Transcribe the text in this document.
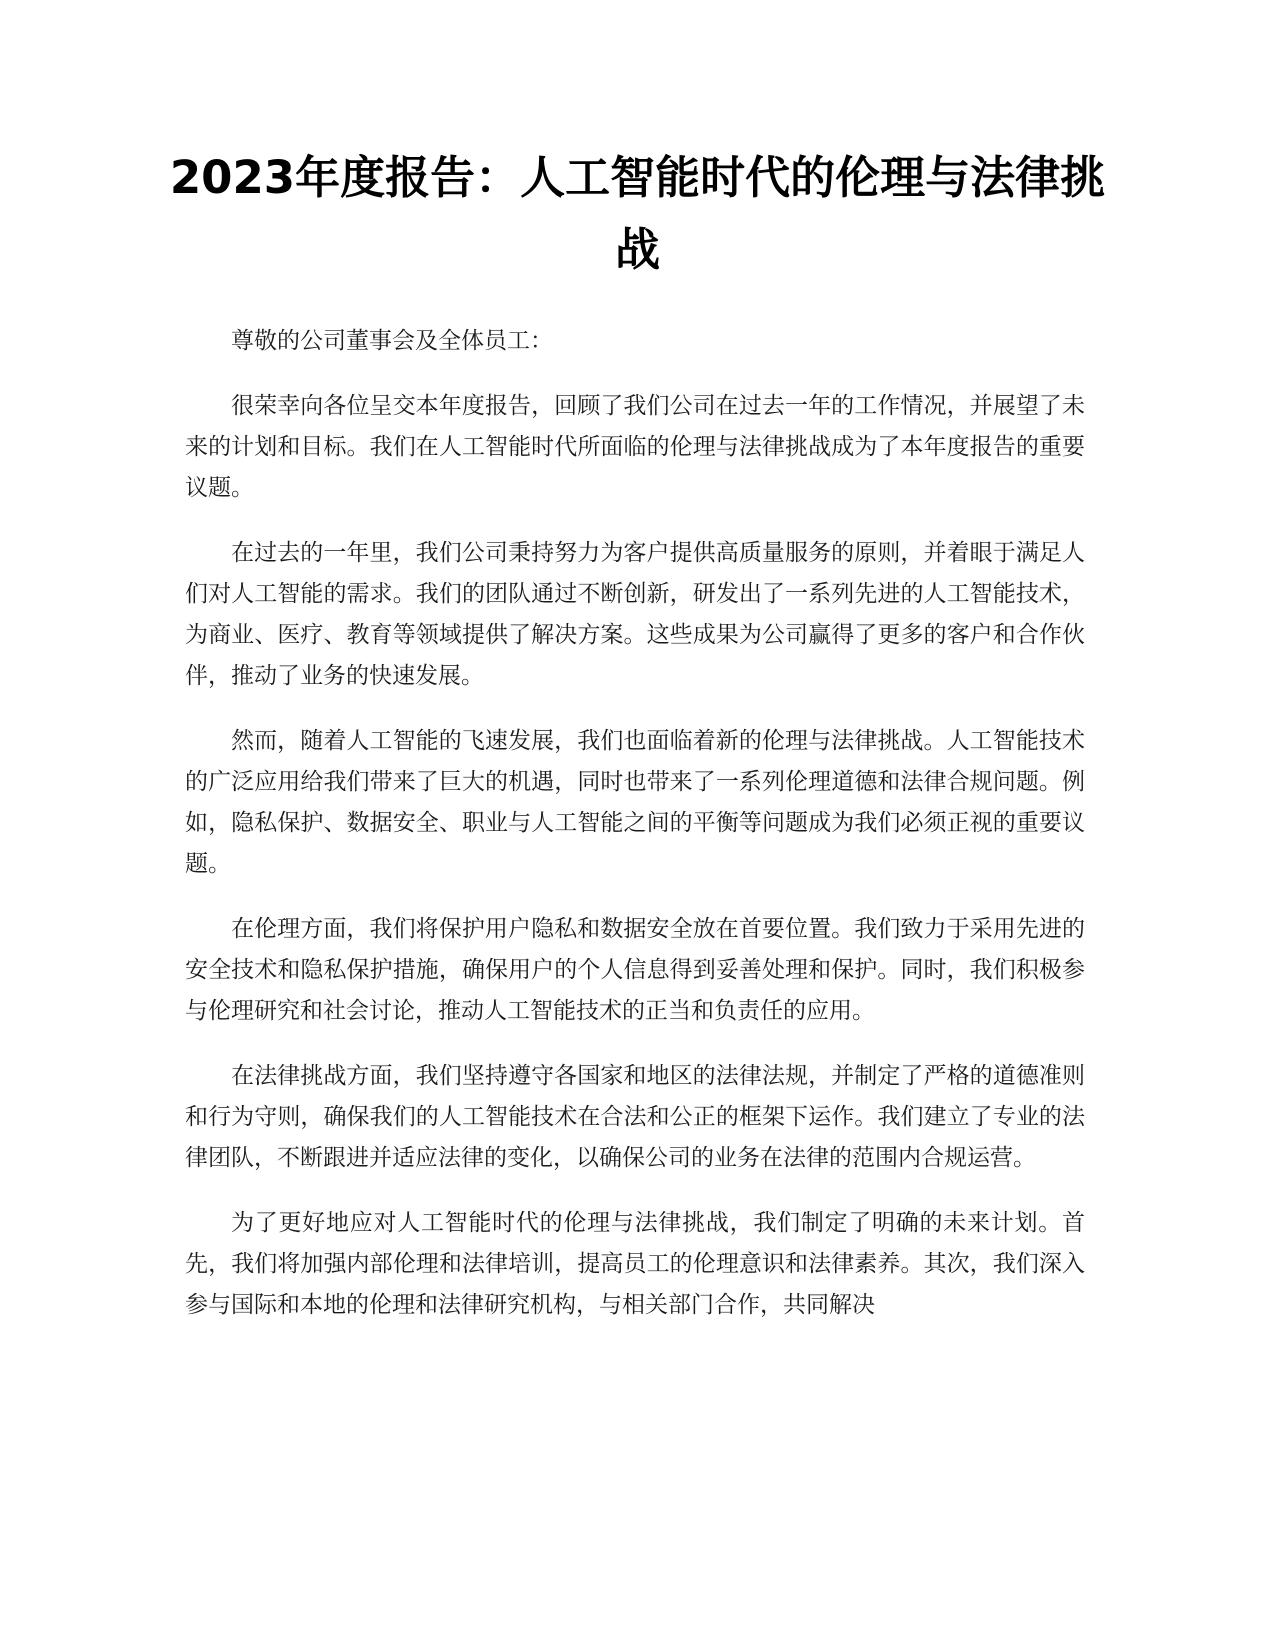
2023年度报告：人工智能时代的伦理与法律挑战

尊敬的公司董事会及全体员工：

很荣幸向各位呈交本年度报告，回顾了我们公司在过去一年的工作情况，并展望了未来的计划和目标。我们在人工智能时代所面临的伦理与法律挑战成为了本年度报告的重要议题。

在过去的一年里，我们公司秉持努力为客户提供高质量服务的原则，并着眼于满足人们对人工智能的需求。我们的团队通过不断创新，研发出了一系列先进的人工智能技术，为商业、医疗、教育等领域提供了解决方案。这些成果为公司赢得了更多的客户和合作伙伴，推动了业务的快速发展。

然而，随着人工智能的飞速发展，我们也面临着新的伦理与法律挑战。人工智能技术的广泛应用给我们带来了巨大的机遇，同时也带来了一系列伦理道德和法律合规问题。例如，隐私保护、数据安全、职业与人工智能之间的平衡等问题成为我们必须正视的重要议题。

在伦理方面，我们将保护用户隐私和数据安全放在首要位置。我们致力于采用先进的安全技术和隐私保护措施，确保用户的个人信息得到妥善处理和保护。同时，我们积极参与伦理研究和社会讨论，推动人工智能技术的正当和负责任的应用。

在法律挑战方面，我们坚持遵守各国家和地区的法律法规，并制定了严格的道德准则和行为守则，确保我们的人工智能技术在合法和公正的框架下运作。我们建立了专业的法律团队，不断跟进并适应法律的变化，以确保公司的业务在法律的范围内合规运营。

为了更好地应对人工智能时代的伦理与法律挑战，我们制定了明确的未来计划。首先，我们将加强内部伦理和法律培训，提高员工的伦理意识和法律素养。其次，我们深入参与国际和本地的伦理和法律研究机构，与相关部门合作，共同解决
